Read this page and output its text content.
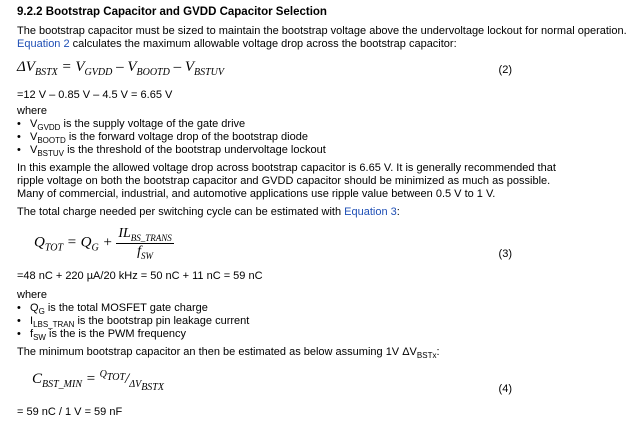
9.2.2 Bootstrap Capacitor and GVDD Capacitor Selection
The bootstrap capacitor must be sized to maintain the bootstrap voltage above the undervoltage lockout for normal operation.
Equation 2 calculates the maximum allowable voltage drop across the bootstrap capacitor:
$\Delta V_{BSTX} = V_{GVDD} - V_{BOOTD} - V_{BSTUV}$	(2)
=12 V – 0.85 V – 4.5 V = 6.65 V
where
• $V_{GVDD}$ is the supply voltage of the gate drive
• $V_{BOOTD}$ is the forward voltage drop of the bootstrap diode
• $V_{BSTUV}$ is the threshold of the bootstrap undervoltage lockout
In this example the allowed voltage drop across bootstrap capacitor is 6.65 V. It is generally recommended that
ripple voltage on both the bootstrap capacitor and GVDD capacitor should be minimized as much as possible.
Many of commercial, industrial, and automotive applications use ripple value between 0.5 V to 1 V.
The total charge needed per switching cycle can be estimated with Equation 3:
$Q_{TOT} = Q_G + \frac{IL_{BS\_TRANS}}{f_{SW}}$	(3)
=48 nC + 220 µA/20 kHz = 50 nC + 11 nC = 59 nC
where
• $Q_G$ is the total MOSFET gate charge
• $I_{LBS\_TRAN}$ is the bootstrap pin leakage current
• $f_{SW}$ is the is the PWM frequency
The minimum bootstrap capacitor an then be estimated as below assuming 1V $\Delta V_{BSTx}$:
$C_{BST\_MIN} = ^{Q_{TOT}}/_{\Delta V_{BSTX}}$	(4)
= 59 nC / 1 V = 59 nF
